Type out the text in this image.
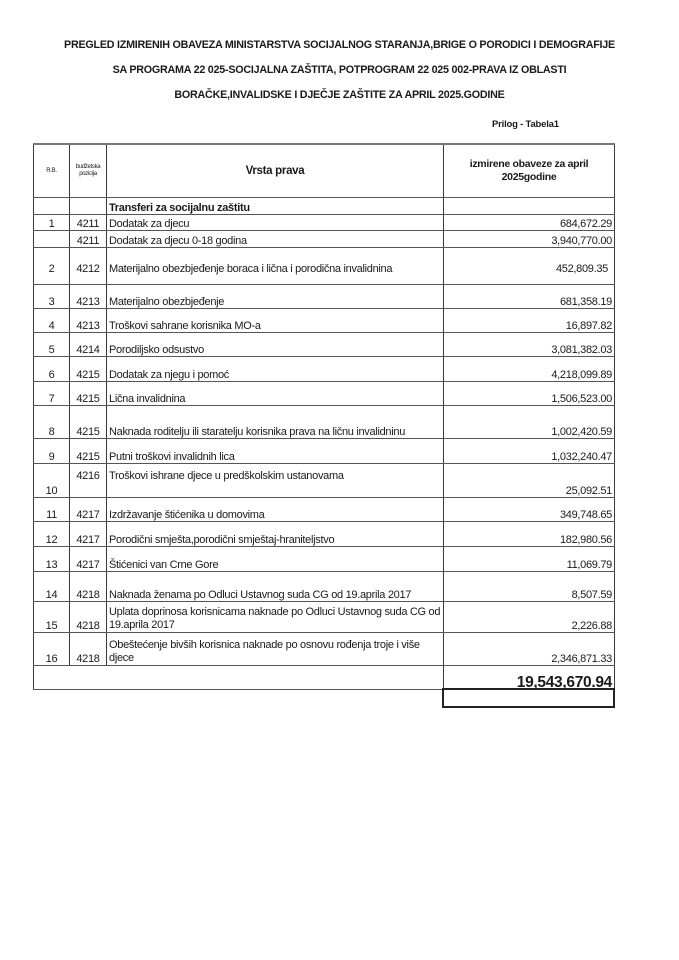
PREGLED IZMIRENIH OBAVEZA MINISTARSTVA SOCIJALNOG STARANJA,BRIGE O PORODICI I DEMOGRAFIJE
SA PROGRAMA 22 025-SOCIJALNA ZAŠTITA, POTPROGRAM 22 025 002-PRAVA IZ OBLASTI
BORAČKE,INVALIDSKE I DJEČJE ZAŠTITE ZA APRIL 2025.GODINE
Prilog - Tabela1
R.B.	budžetska pozicija	Vrsta prava	izmirene obaveze za april 2025godine
		Transferi za socijalnu zaštitu	
1	4211	Dodatak za djecu	684,672.29
	4211	Dodatak za djecu 0-18 godina	3,940,770.00
2	4212	Materijalno obezbjeđenje boraca i lična i porodična invalidnina	452,809.35
3	4213	Materijalno obezbjeđenje	681,358.19
4	4213	Troškovi sahrane korisnika MO-a	16,897.82
5	4214	Porodiljsko odsustvo	3,081,382.03
6	4215	Dodatak za njegu i pomoć	4,218,099.89
7	4215	Lična invalidnina	1,506,523.00
8	4215	Naknada roditelju ili staratelju korisnika prava na ličnu invalidninu	1,002,420.59
9	4215	Putni troškovi invalidnih lica	1,032,240.47
10	4216	Troškovi ishrane djece u predškolskim ustanovama	25,092.51
11	4217	Izdržavanje štićenika u domovima	349,748.65
12	4217	Porodični smješta,porodični smještaj-hraniteljstvo	182,980.56
13	4217	Štićenici van Crne Gore	11,069.79
14	4218	Naknada ženama po Odluci Ustavnog suda CG od 19.aprila 2017	8,507.59
15	4218	Uplata doprinosa korisnicama naknade po Odluci Ustavnog suda CG od 19.aprila 2017	2,226.88
16	4218	Obeštećenje bivših korisnica naknade po osnovu rođenja troje i više djece	2,346,871.33
			19,543,670.94
